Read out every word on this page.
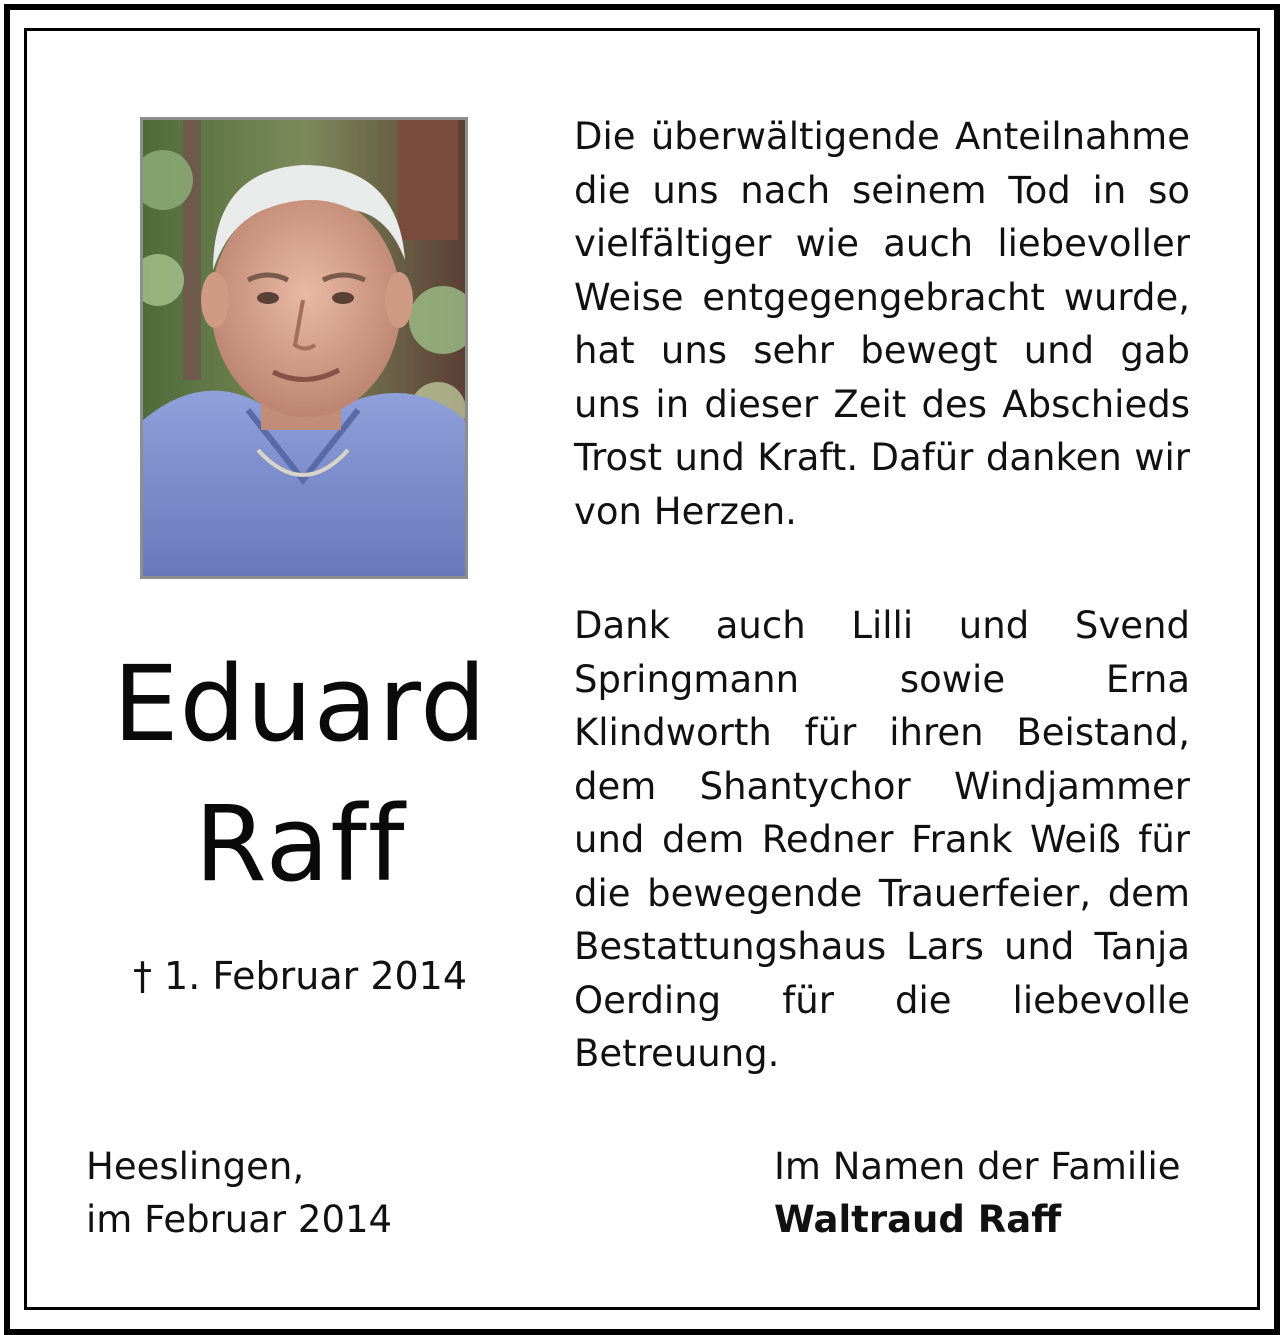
Eduard
Raff
† 1. Februar 2014
Die überwältigende Anteilnahme
die uns nach seinem Tod in so
vielfältiger wie auch liebevoller
Weise entgegengebracht wurde,
hat uns sehr bewegt und gab
uns in dieser Zeit des Abschieds
Trost und Kraft. Dafür danken wir
von Herzen.
Dank auch Lilli und Svend
Springmann sowie Erna
Klindworth für ihren Beistand,
dem Shantychor Windjammer
und dem Redner Frank Weiß für
die bewegende Trauerfeier, dem
Bestattungshaus Lars und Tanja
Oerding für die liebevolle
Betreuung.
Heeslingen,
im Februar 2014
Im Namen der Familie
Waltraud Raff
